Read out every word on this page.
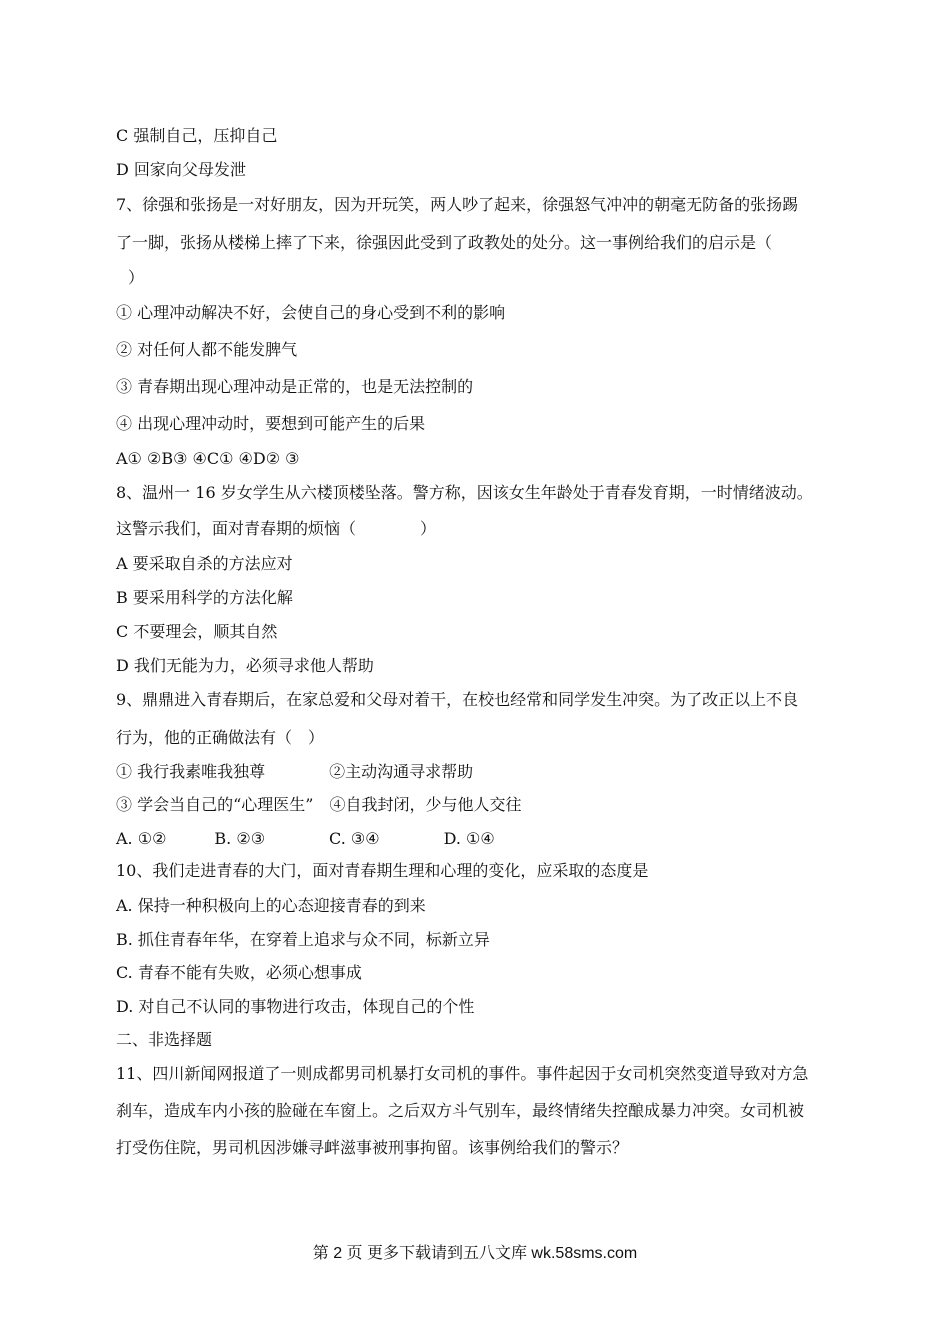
C 强制自己，压抑自己
D 回家向父母发泄
7、徐强和张扬是一对好朋友，因为开玩笑，两人吵了起来，徐强怒气冲冲的朝毫无防备的张扬踢
了一脚，张扬从楼梯上摔了下来，徐强因此受到了政教处的处分。这一事例给我们的启示是（
）
① 心理冲动解决不好，会使自己的身心受到不利的影响
② 对任何人都不能发脾气
③ 青春期出现心理冲动是正常的，也是无法控制的
④ 出现心理冲动时，要想到可能产生的后果
A① ②B③ ④C① ④D② ③
8、温州一 16 岁女学生从六楼顶楼坠落。警方称，因该女生年龄处于青春发育期，一时情绪波动。
这警示我们，面对青春期的烦恼（　　　　）
A 要采取自杀的方法应对
B 要采用科学的方法化解
C 不要理会，顺其自然
D 我们无能为力，必须寻求他人帮助
9、鼎鼎进入青春期后，在家总爱和父母对着干，在校也经常和同学发生冲突。为了改正以上不良
行为，他的正确做法有（　）
① 我行我素唯我独尊　　　　②主动沟通寻求帮助
③ 学会当自己的“心理医生”　④自我封闭，少与他人交往
A. ①②　　　B. ②③　　　　C. ③④　　　　D. ①④
10、我们走进青春的大门，面对青春期生理和心理的变化，应采取的态度是
A. 保持一种积极向上的心态迎接青春的到来
B. 抓住青春年华，在穿着上追求与众不同，标新立异
C. 青春不能有失败，必须心想事成
D. 对自己不认同的事物进行攻击，体现自己的个性
二、非选择题
11、四川新闻网报道了一则成都男司机暴打女司机的事件。事件起因于女司机突然变道导致对方急
刹车，造成车内小孩的脸碰在车窗上。之后双方斗气别车，最终情绪失控酿成暴力冲突。女司机被
打受伤住院，男司机因涉嫌寻衅滋事被刑事拘留。该事例给我们的警示？
第 2 页 更多下载请到五八文库 wk.58sms.com
